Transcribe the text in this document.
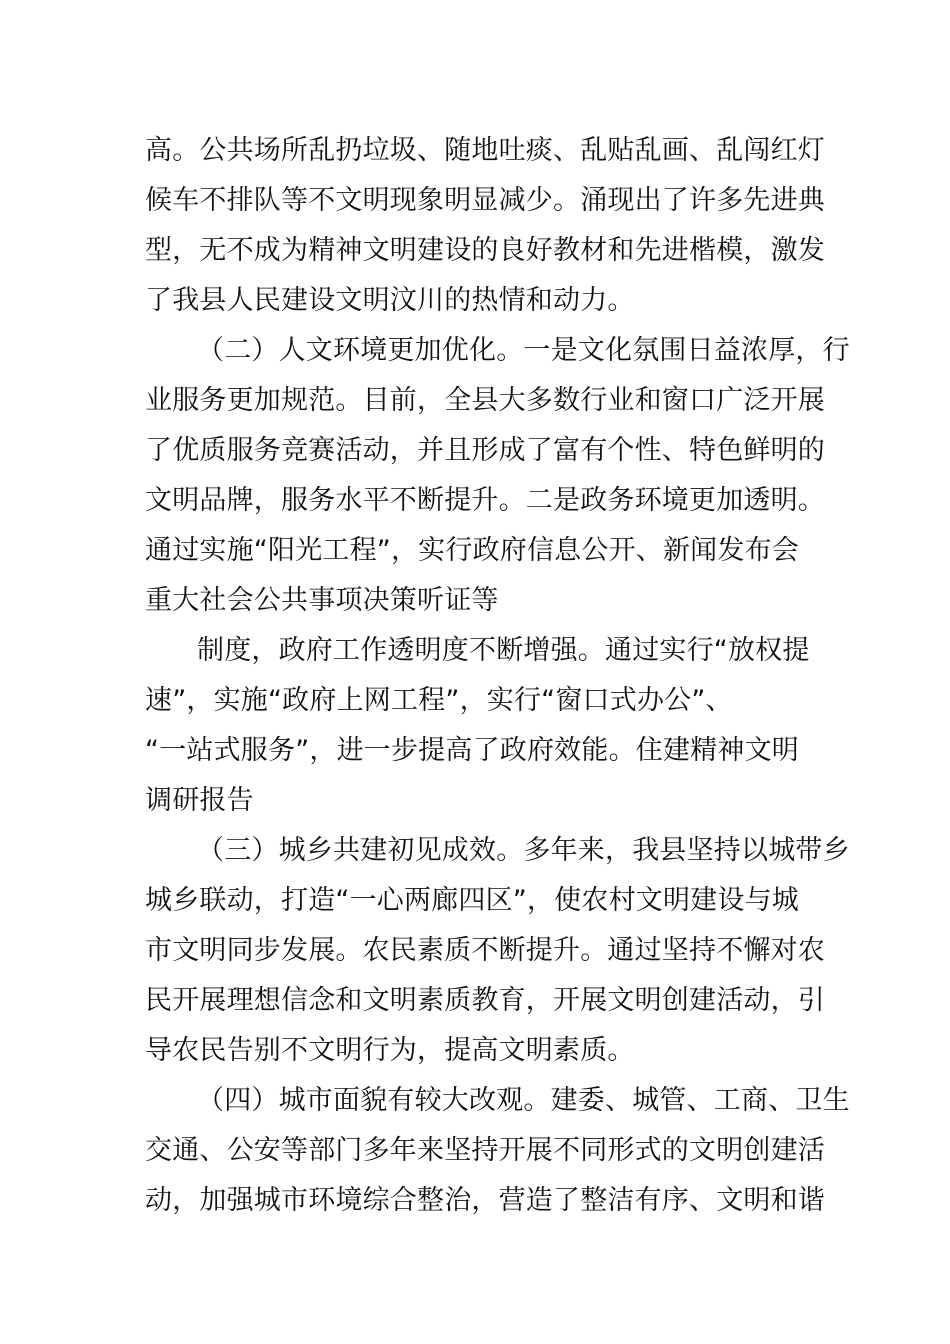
高。公共场所乱扔垃圾、随地吐痰、乱贴乱画、乱闯红灯
候车不排队等不文明现象明显减少。涌现出了许多先进典
型，无不成为精神文明建设的良好教材和先进楷模，激发
了我县人民建设文明汶川的热情和动力。
（二）人文环境更加优化。一是文化氛围日益浓厚，行
业服务更加规范。目前，全县大多数行业和窗口广泛开展
了优质服务竞赛活动，并且形成了富有个性、特色鲜明的
文明品牌，服务水平不断提升。二是政务环境更加透明。
通过实施“阳光工程”，实行政府信息公开、新闻发布会
重大社会公共事项决策听证等
制度，政府工作透明度不断增强。通过实行“放权提
速”，实施“政府上网工程”，实行“窗口式办公”、
“一站式服务”，进一步提高了政府效能。住建精神文明
调研报告
（三）城乡共建初见成效。多年来，我县坚持以城带乡
城乡联动，打造“一心两廊四区”，使农村文明建设与城
市文明同步发展。农民素质不断提升。通过坚持不懈对农
民开展理想信念和文明素质教育，开展文明创建活动，引
导农民告别不文明行为，提高文明素质。
（四）城市面貌有较大改观。建委、城管、工商、卫生
交通、公安等部门多年来坚持开展不同形式的文明创建活
动，加强城市环境综合整治，营造了整洁有序、文明和谐
